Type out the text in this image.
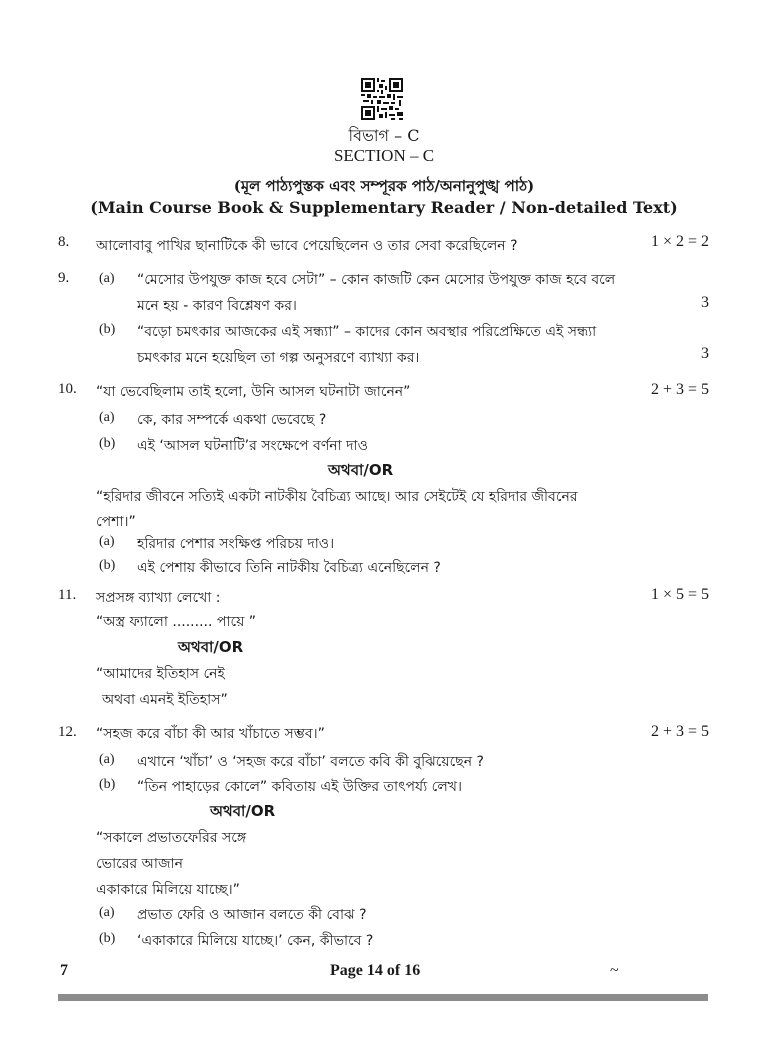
বিভাগ – C
SECTION – C
(মূল পাঠ্যপুস্তক এবং সম্পূরক পাঠ/অনানুপুঙ্খ পাঠ)
(Main Course Book & Supplementary Reader / Non-detailed Text)
8. আলোবাবু পাখির ছানাটিকে কী ভাবে পেয়েছিলেন ও তার সেবা করেছিলেন ?	1 × 2 = 2
9. (a) “মেসোর উপযুক্ত কাজ হবে সেটা” – কোন কাজটি কেন মেসোর উপযুক্ত কাজ হবে বলে
মনে হয় - কারণ বিশ্লেষণ কর।	3
(b) “বড়ো চমৎকার আজকের এই সন্ধ্যা” – কাদের কোন অবস্থার পরিপ্রেক্ষিতে এই সন্ধ্যা
চমৎকার মনে হয়েছিল তা গল্প অনুসরণে ব্যাখ্যা কর।	3
10. “যা ভেবেছিলাম তাই হলো, উনি আসল ঘটনাটা জানেন”	2 + 3 = 5
(a) কে, কার সম্পর্কে একথা ভেবেছে ?
(b) এই ‘আসল ঘটনাটি’র সংক্ষেপে বর্ণনা দাও
অথবা/OR
“হরিদার জীবনে সত্যিই একটা নাটকীয় বৈচিত্র্য আছে। আর সেইটেই যে হরিদার জীবনের
পেশা।”
(a) হরিদার পেশার সংক্ষিপ্ত পরিচয় দাও।
(b) এই পেশায় কীভাবে তিনি নাটকীয় বৈচিত্র্য এনেছিলেন ?
11. সপ্রসঙ্গ ব্যাখ্যা লেখো :	1 × 5 = 5
“অস্ত্র ফ্যালো ......... পায়ে ”
অথবা/OR
“আমাদের ইতিহাস নেই
অথবা এমনই ইতিহাস”
12. “সহজ করে বাঁচা কী আর খাঁচাতে সম্ভব।”	2 + 3 = 5
(a) এখানে ‘খাঁচা’ ও ‘সহজ করে বাঁচা’ বলতে কবি কী বুঝিয়েছেন ?
(b) “তিন পাহাড়ের কোলে” কবিতায় এই উক্তির তাৎপর্য্য লেখ।
অথবা/OR
“সকালে প্রভাতফেরির সঙ্গে
ভোরের আজান
একাকারে মিলিয়ে যাচ্ছে।”
(a) প্রভাত ফেরি ও আজান বলতে কী বোঝ ?
(b) ‘একাকারে মিলিয়ে যাচ্ছে।’ কেন, কীভাবে ?
7	Page 14 of 16	~
